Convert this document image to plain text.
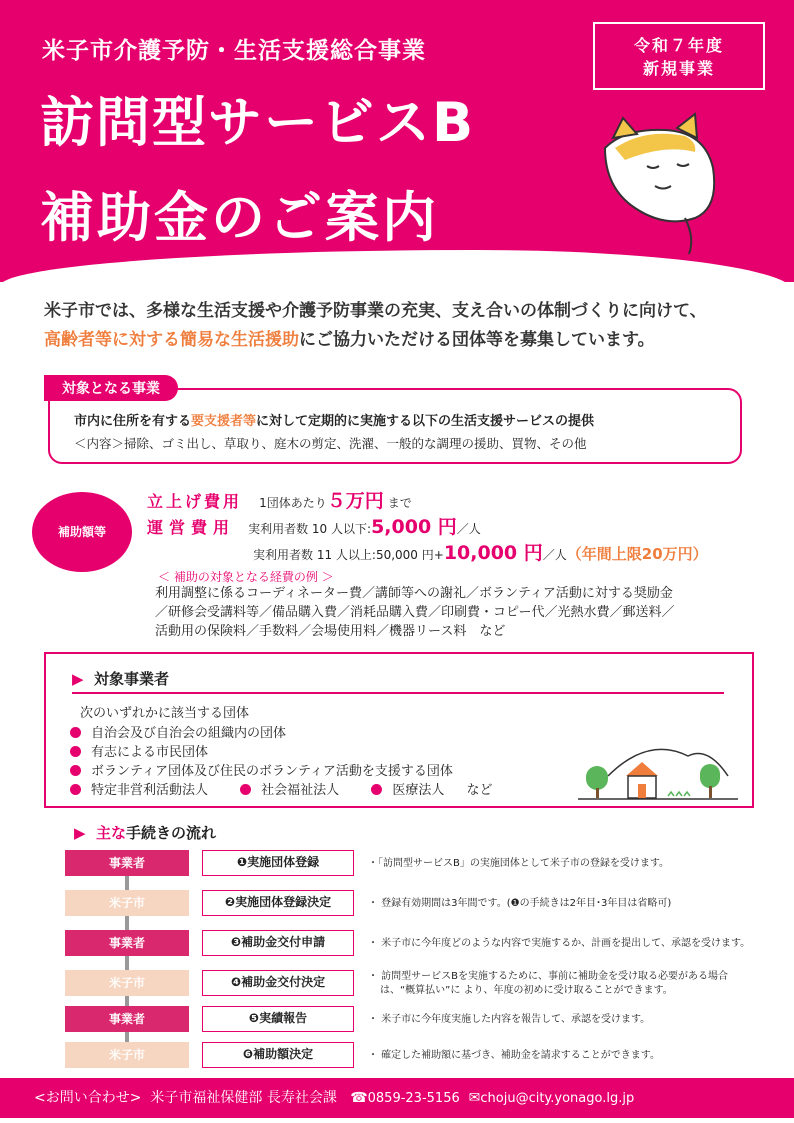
米子市介護予防・生活支援総合事業
訪問型サービスB
補助金のご案内
令和７年度
新規事業
米子市では、多様な生活支援や介護予防事業の充実、支え合いの体制づくりに向けて、
高齢者等に対する簡易な生活援助にご協力いただける団体等を募集しています。
市内に住所を有する要支援者等に対して定期的に実施する以下の生活支援サービスの提供
＜内容＞掃除、ゴミ出し、草取り、庭木の剪定、洗濯、一般的な調理の援助、買物、その他
対象となる事業
補助額等
立上げ費用 1団体あたり５万円 まで
運営費用 実利用者数 10 人以下:5,000 円／人
実利用者数 11 人以上:50,000 円+10,000 円／人（年間上限20万円）
＜ 補助の対象となる経費の例 ＞
利用調整に係るコーディネーター費／講師等への謝礼／ボランティア活動に対する奨励金
／研修会受講料等／備品購入費／消耗品購入費／印刷費・コピー代／光熱水費／郵送料／
活動用の保険料／手数料／会場使用料／機器リース料　など
▶ 対象事業者
次のいずれかに該当する団体
自治会及び自治会の組織内の団体
有志による市民団体
ボランティア団体及び住民のボランティア活動を支援する団体
特定非営利活動法人	社会福祉法人	医療法人 など
▶ 主な手続きの流れ
事業者	❶実施団体登録	・「訪問型サービスB」の実施団体として米子市の登録を受けます。
米子市	❷実施団体登録決定	・ 登録有効期間は3年間です。(❶の手続きは2年目･3年目は省略可)
事業者	❸補助金交付申請	・ 米子市に今年度どのような内容で実施するか、計画を提出して、承認を受けます。
米子市	❹補助金交付決定	・ 訪問型サービスBを実施するために、事前に補助金を受け取る必要がある場合
は、“概算払い”に より、年度の初めに受け取ることができます。
事業者	❺実績報告	・ 米子市に今年度実施した内容を報告して、承認を受けます。
米子市	❻補助額決定	・ 確定した補助額に基づき、補助金を請求することができます。
<お問い合わせ> 米子市福祉保健部 長寿社会課 ☎0859-23-5156 ✉choju@city.yonago.lg.jp
